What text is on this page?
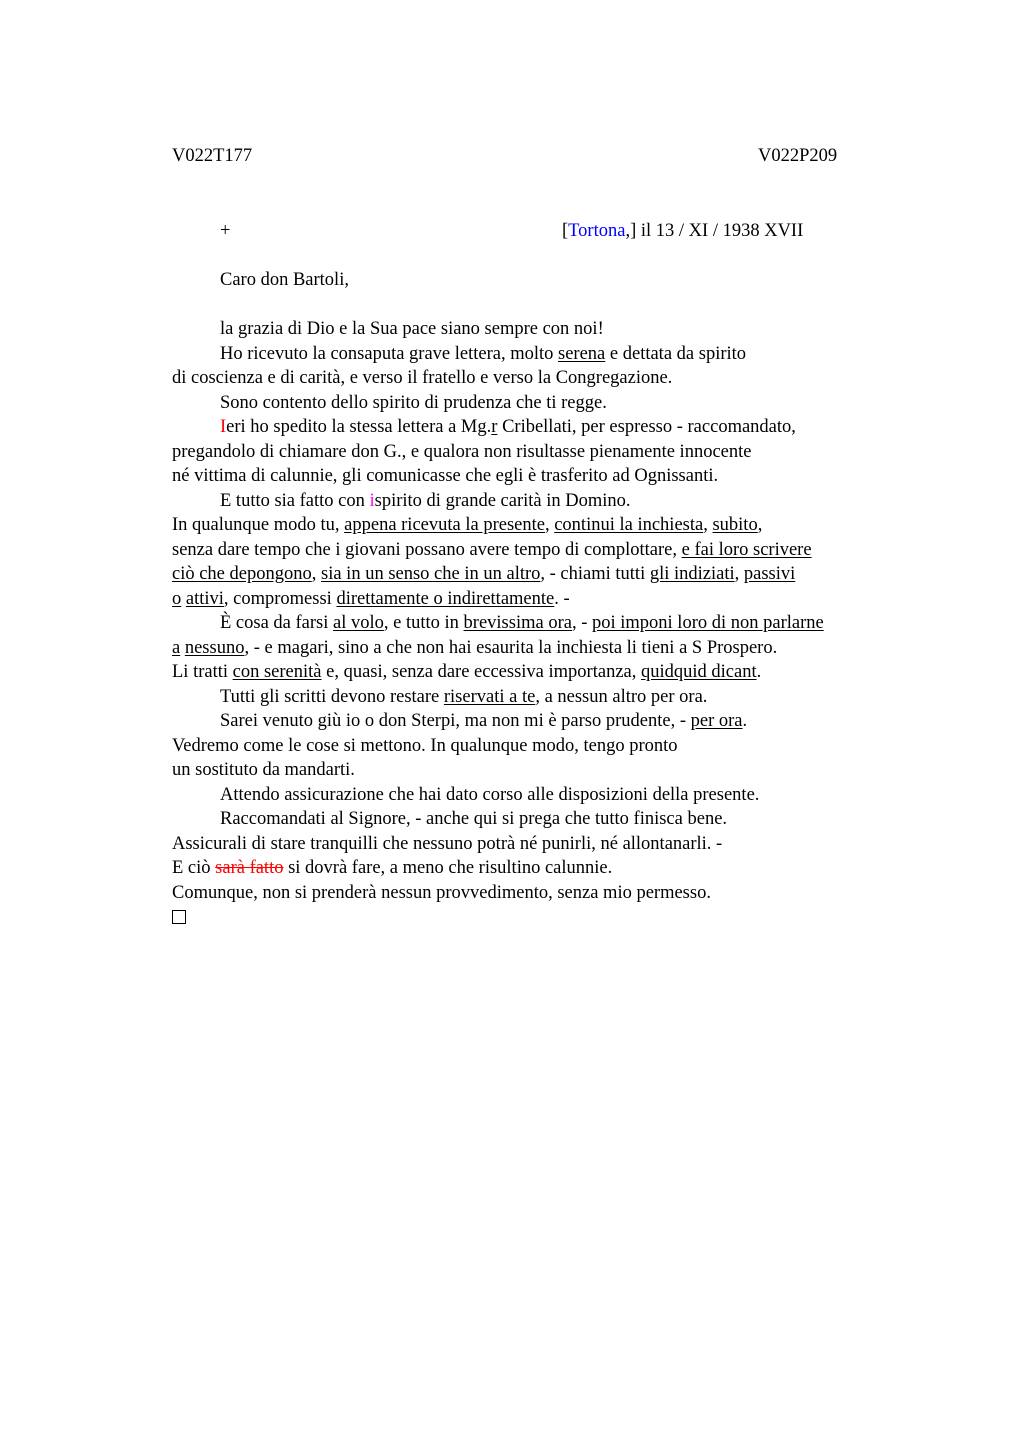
V022T177	V022P209
+	[Tortona,] il 13 / XI / 1938 XVII
Caro don Bartoli,
la grazia di Dio e la Sua pace siano sempre con noi!
Ho ricevuto la consaputa grave lettera, molto serena e dettata da spirito
di coscienza e di carità, e verso il fratello e verso la Congregazione.
Sono contento dello spirito di prudenza che ti regge.
Ieri ho spedito la stessa lettera a Mg.r Cribellati, per espresso - raccomandato,
pregandolo di chiamare don G., e qualora non risultasse pienamente innocente
né vittima di calunnie, gli comunicasse che egli è trasferito ad Ognissanti.
E tutto sia fatto con ispirito di grande carità in Domino.
In qualunque modo tu, appena ricevuta la presente, continui la inchiesta, subito,
senza dare tempo che i giovani possano avere tempo di complottare, e fai loro scrivere
ciò che depongono, sia in un senso che in un altro, - chiami tutti gli indiziati, passivi
o attivi, compromessi direttamente o indirettamente. -
È cosa da farsi al volo, e tutto in brevissima ora, - poi imponi loro di non parlarne
a nessuno, - e magari, sino a che non hai esaurita la inchiesta li tieni a S Prospero.
Li tratti con serenità e, quasi, senza dare eccessiva importanza, quidquid dicant.
Tutti gli scritti devono restare riservati a te, a nessun altro per ora.
Sarei venuto giù io o don Sterpi, ma non mi è parso prudente, - per ora.
Vedremo come le cose si mettono. In qualunque modo, tengo pronto
un sostituto da mandarti.
Attendo assicurazione che hai dato corso alle disposizioni della presente.
Raccomandati al Signore, - anche qui si prega che tutto finisca bene.
Assicurali di stare tranquilli che nessuno potrà né punirli, né allontanarli. -
E ciò sarà fatto si dovrà fare, a meno che risultino calunnie.
Comunque, non si prenderà nessun provvedimento, senza mio permesso.
